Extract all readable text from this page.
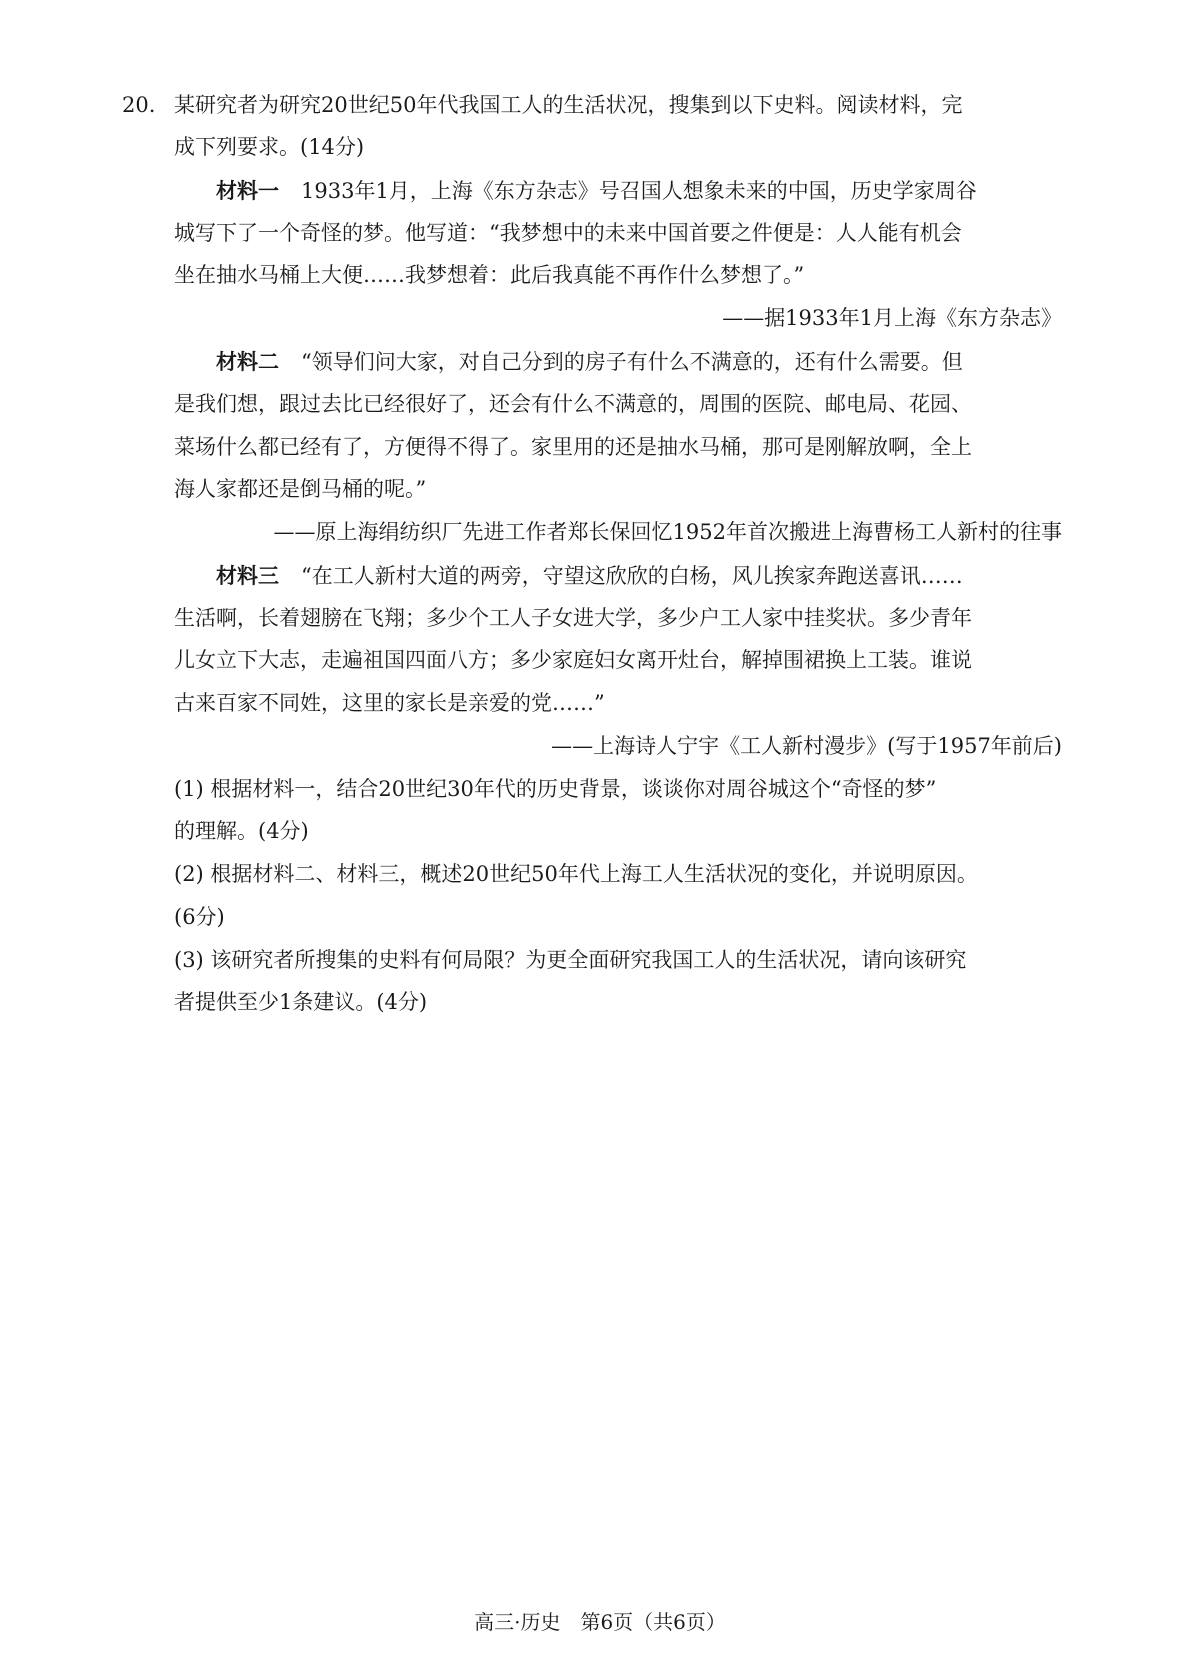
20. 某研究者为研究20世纪50年代我国工人的生活状况，搜集到以下史料。阅读材料，完
成下列要求。(14分)
材料一 1933年1月，上海《东方杂志》号召国人想象未来的中国，历史学家周谷
城写下了一个奇怪的梦。他写道：“我梦想中的未来中国首要之件便是：人人能有机会
坐在抽水马桶上大便……我梦想着：此后我真能不再作什么梦想了。”
——据1933年1月上海《东方杂志》
材料二 “领导们问大家，对自己分到的房子有什么不满意的，还有什么需要。但
是我们想，跟过去比已经很好了，还会有什么不满意的，周围的医院、邮电局、花园、
菜场什么都已经有了，方便得不得了。家里用的还是抽水马桶，那可是刚解放啊，全上
海人家都还是倒马桶的呢。”
——原上海绢纺织厂先进工作者郑长保回忆1952年首次搬进上海曹杨工人新村的往事
材料三 “在工人新村大道的两旁，守望这欣欣的白杨，风儿挨家奔跑送喜讯……
生活啊，长着翅膀在飞翔；多少个工人子女进大学，多少户工人家中挂奖状。多少青年
儿女立下大志，走遍祖国四面八方；多少家庭妇女离开灶台，解掉围裙换上工装。谁说
古来百家不同姓，这里的家长是亲爱的党……”
——上海诗人宁宇《工人新村漫步》(写于1957年前后)
(1) 根据材料一，结合20世纪30年代的历史背景，谈谈你对周谷城这个“奇怪的梦”
的理解。(4分)
(2) 根据材料二、材料三，概述20世纪50年代上海工人生活状况的变化，并说明原因。
(6分)
(3) 该研究者所搜集的史料有何局限？为更全面研究我国工人的生活状况，请向该研究
者提供至少1条建议。(4分)
高三·历史　第6页（共6页）
